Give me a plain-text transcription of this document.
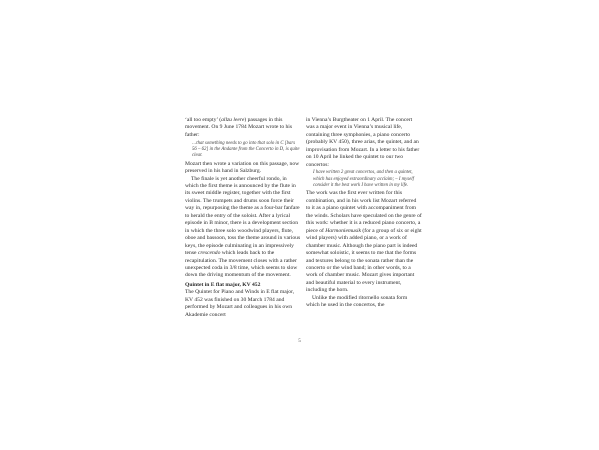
‘all too empty’ (allzu leere) passages in this movement. On 9 June 1784 Mozart wrote to his father:

…that something needs to go into that solo in C [bars 56 – 62] in the Andante from the Concerto in D, is quite clear.

Mozart then wrote a variation on this passage, now preserved in his hand in Salzburg.

The finale is yet another cheerful rondo, in which the first theme is announced by the flute in its sweet middle register, together with the first violins. The trumpets and drums soon force their way in, repurposing the theme as a four-bar fanfare to herald the entry of the soloist. After a lyrical episode in B minor, there is a development section in which the three solo woodwind players, flute, oboe and bassoon, toss the theme around in various keys, the episode culminating in an impressively tense crescendo which leads back to the recapitulation. The movement closes with a rather unexpected coda in 3/8 time, which seems to slow down the driving momentum of the movement.

Quintet in E flat major, KV 452

The Quintet for Piano and Winds in E flat major, KV 452 was finished on 30 March 1784 and performed by Mozart and colleagues in his own Akademie concert

in Vienna’s Burgtheater on 1 April. The concert was a major event in Vienna’s musical life, containing three symphonies, a piano concerto (probably KV 450), three arias, the quintet, and an improvisation from Mozart. In a letter to his father on 10 April he linked the quintet to our two concertos:

I have written 2 great concertos, and then a quintet, which has enjoyed extraordinary acclaim; – I myself consider it the best work I have written in my life.

The work was the first ever written for this combination, and in his work list Mozart referred to it as a piano quintet with accompaniment from the winds. Scholars have speculated on the genre of this work: whether it is a reduced piano concerto, a piece of Harmoniemusik (for a group of six or eight wind players) with added piano, or a work of chamber music. Although the piano part is indeed somewhat soloistic, it seems to me that the forms and textures belong to the sonata rather than the concerto or the wind band; in other words, to a work of chamber music. Mozart gives important and beautiful material to every instrument, including the horn.

Unlike the modified ritornello sonata form which he used in the concertos, the

5
